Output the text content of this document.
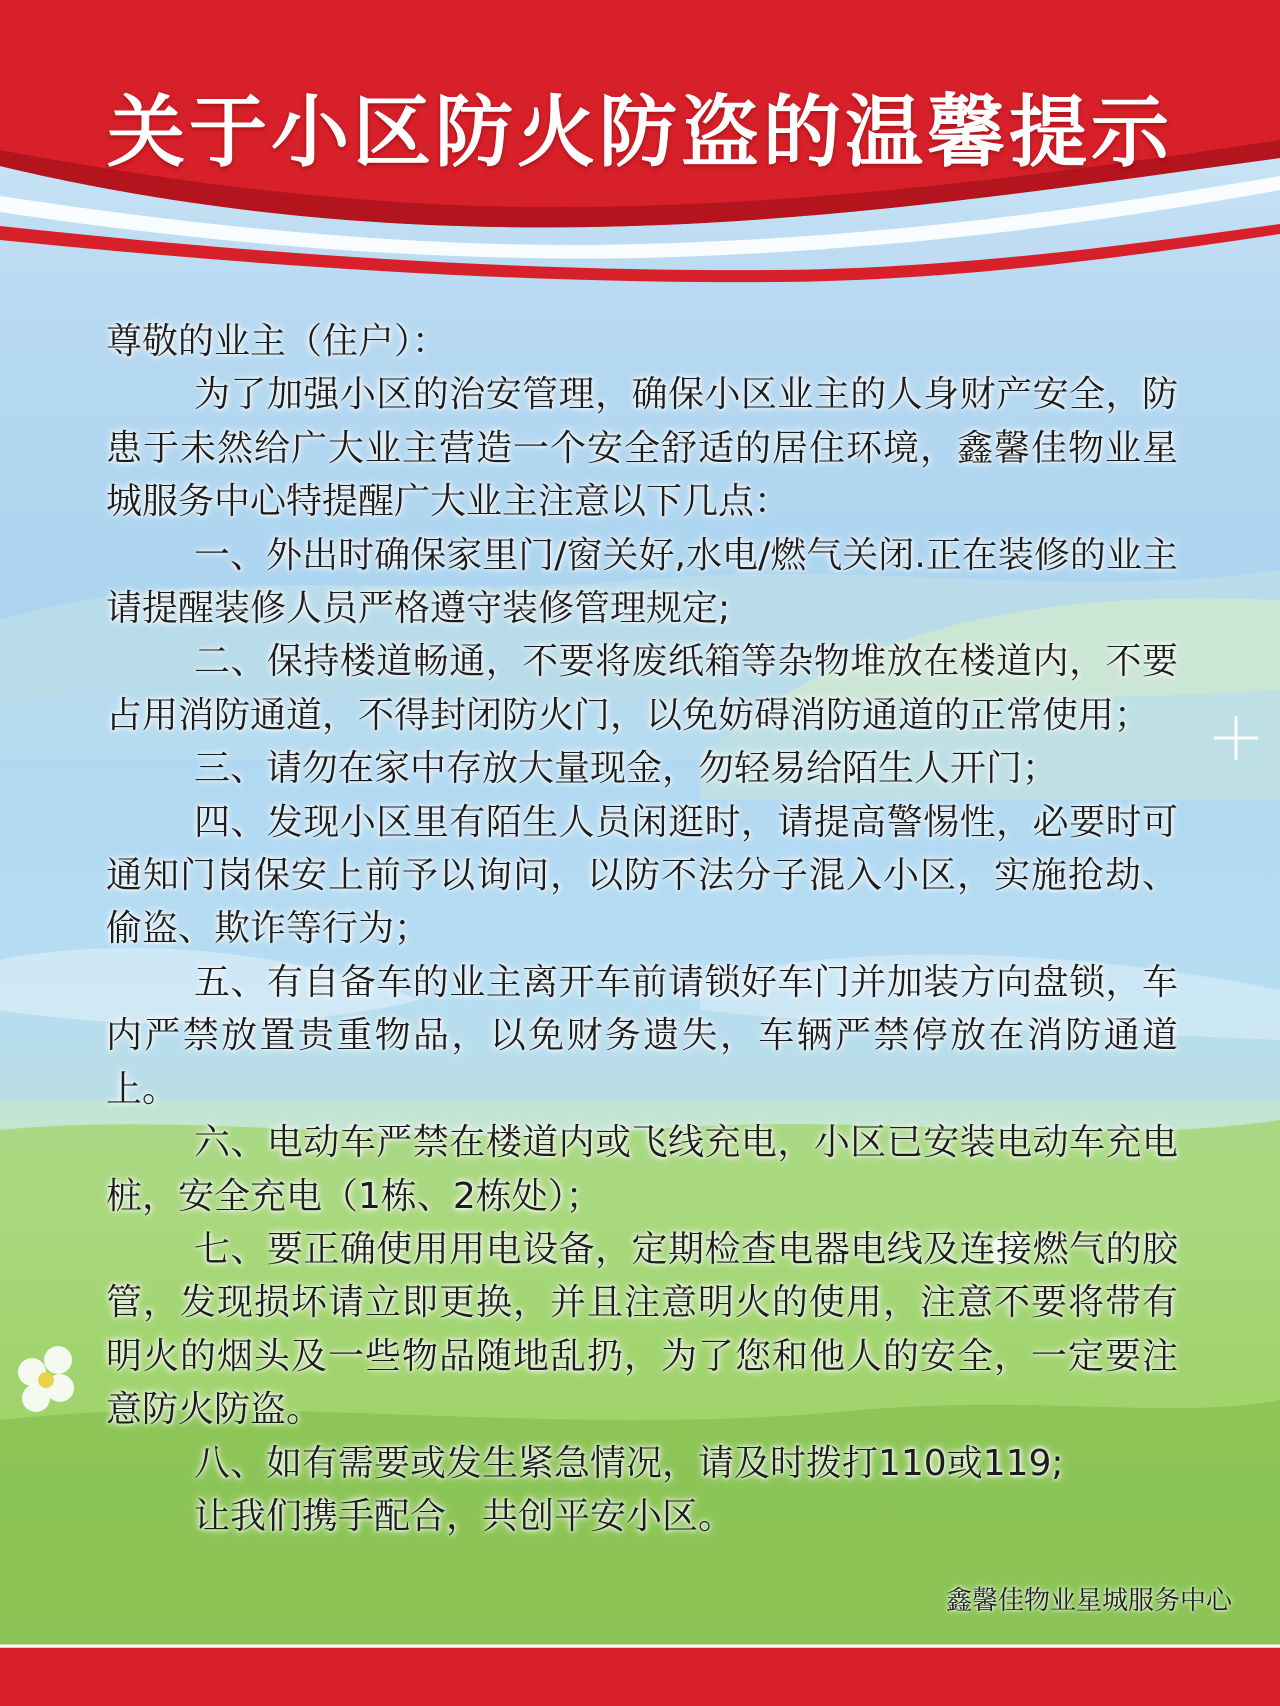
关于小区防火防盗的温馨提示

尊敬的业主（住户）：

为了加强小区的治安管理，确保小区业主的人身财产安全，防患于未然给广大业主营造一个安全舒适的居住环境，鑫馨佳物业星城服务中心特提醒广大业主注意以下几点：

一、外出时确保家里门/窗关好,水电/燃气关闭.正在装修的业主请提醒装修人员严格遵守装修管理规定;

二、保持楼道畅通，不要将废纸箱等杂物堆放在楼道内，不要占用消防通道，不得封闭防火门，以免妨碍消防通道的正常使用；

三、请勿在家中存放大量现金，勿轻易给陌生人开门；

四、发现小区里有陌生人员闲逛时，请提高警惕性，必要时可通知门岗保安上前予以询问，以防不法分子混入小区，实施抢劫、偷盗、欺诈等行为；

五、有自备车的业主离开车前请锁好车门并加装方向盘锁，车内严禁放置贵重物品，以免财务遗失，车辆严禁停放在消防通道上。

六、电动车严禁在楼道内或飞线充电，小区已安装电动车充电桩，安全充电（1栋、2栋处）；

七、要正确使用用电设备，定期检查电器电线及连接燃气的胶管，发现损坏请立即更换，并且注意明火的使用，注意不要将带有明火的烟头及一些物品随地乱扔，为了您和他人的安全，一定要注意防火防盗。

八、如有需要或发生紧急情况，请及时拨打110或119;

让我们携手配合，共创平安小区。

鑫馨佳物业星城服务中心
